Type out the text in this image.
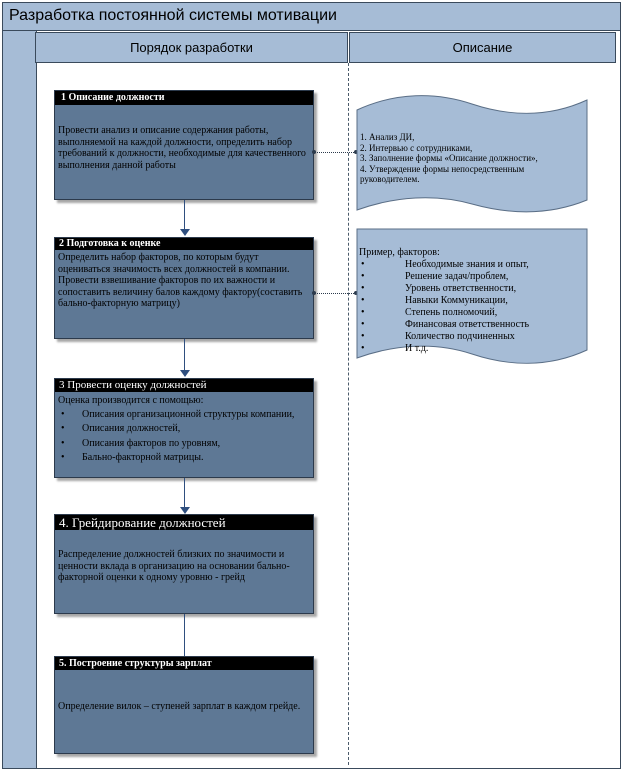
Разработка постоянной системы мотивации
Порядок разработки	Описание
1 Описание должности

Провести анализ и описание содержания работы, выполняемой на каждой должности, определить набор требований к должности, необходимые для качественного выполнения данной работы

2 Подготовка к оценке

Определить набор факторов, по которым будут оцениваться значимость всех должностей в компании.

Провести взвешивание факторов по их важности и сопоставить величину балов каждому фактору(составить бально-факторную матрицу)

3 Провести оценку должностей

Оценка производится с помощью:

• Описания организационной структуры компании,
• Описания должностей,
• Описания факторов по уровням,
• Бально-факторной матрицы.
4. Грейдирование должностей

Распределение должностей близких по значимости и ценности вклада в организацию на основании бально-факторной оценки к одному уровню - грейд

5. Построение структуры зарплат

Определение вилок – ступеней зарплат в каждом грейде.

1. Анализ ДИ,

2. Интервью с сотрудниками,

3. Заполнение формы «Описание должности»,

4. Утверждение формы непосредственным руководителем.

Пример, факторов:

• Необходимые знания и опыт,
• Решение задач/проблем,
• Уровень ответственности,
• Навыки Коммуникации,
• Степень полномочий,
• Финансовая ответственность
• Количество подчиненных
• И т.д.
